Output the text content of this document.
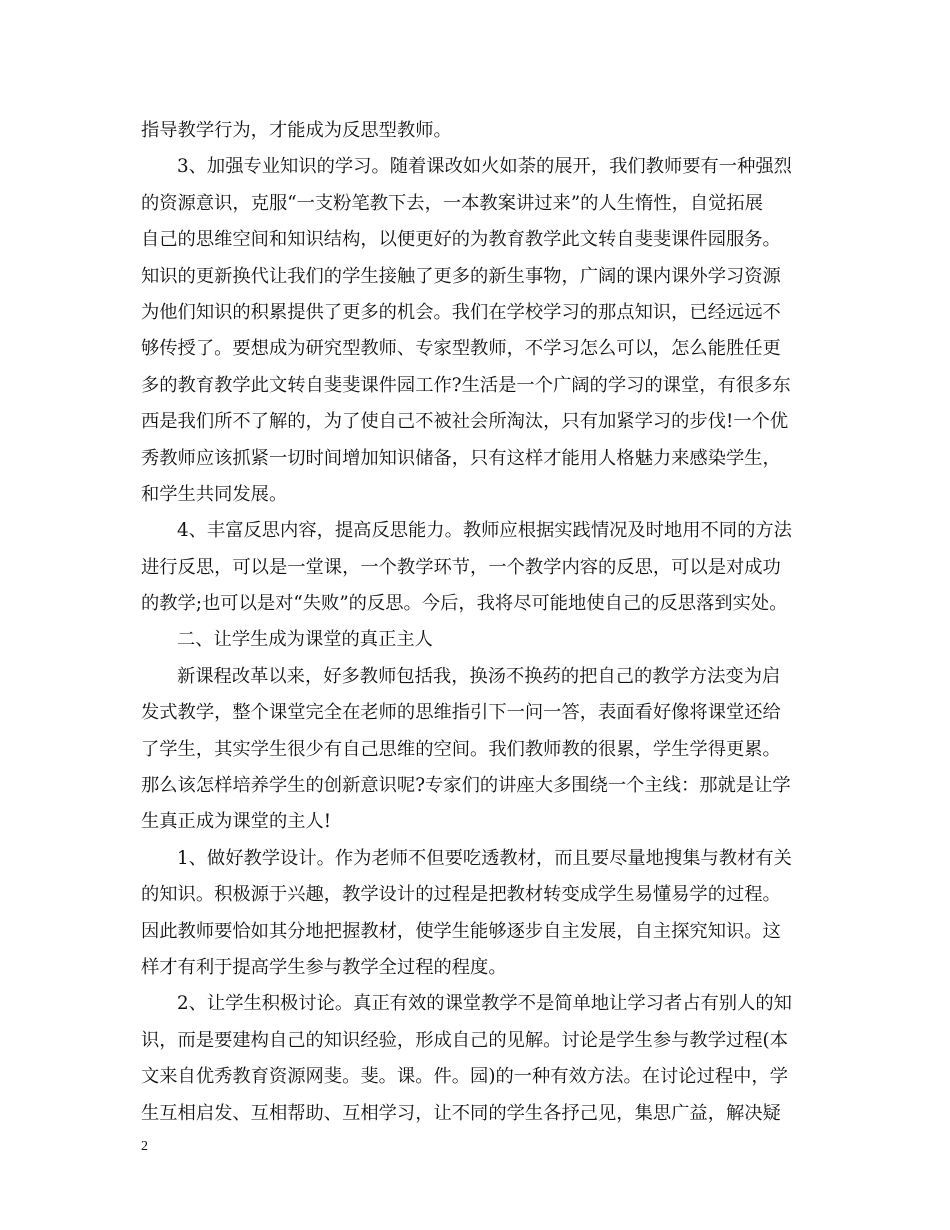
指导教学行为，才能成为反思型教师。
3、加强专业知识的学习。随着课改如火如荼的展开，我们教师要有一种强烈
的资源意识，克服“一支粉笔教下去，一本教案讲过来”的人生惰性，自觉拓展
自己的思维空间和知识结构，以便更好的为教育教学此文转自斐斐课件园服务。
知识的更新换代让我们的学生接触了更多的新生事物，广阔的课内课外学习资源
为他们知识的积累提供了更多的机会。我们在学校学习的那点知识，已经远远不
够传授了。要想成为研究型教师、专家型教师，不学习怎么可以，怎么能胜任更
多的教育教学此文转自斐斐课件园工作?生活是一个广阔的学习的课堂，有很多东
西是我们所不了解的，为了使自己不被社会所淘汰，只有加紧学习的步伐!一个优
秀教师应该抓紧一切时间增加知识储备，只有这样才能用人格魅力来感染学生，
和学生共同发展。
4、丰富反思内容，提高反思能力。教师应根据实践情况及时地用不同的方法
进行反思，可以是一堂课，一个教学环节，一个教学内容的反思，可以是对成功
的教学;也可以是对“失败”的反思。今后，我将尽可能地使自己的反思落到实处。
二、让学生成为课堂的真正主人
新课程改革以来，好多教师包括我，换汤不换药的把自己的教学方法变为启
发式教学，整个课堂完全在老师的思维指引下一问一答，表面看好像将课堂还给
了学生，其实学生很少有自己思维的空间。我们教师教的很累，学生学得更累。
那么该怎样培养学生的创新意识呢?专家们的讲座大多围绕一个主线：那就是让学
生真正成为课堂的主人!
1、做好教学设计。作为老师不但要吃透教材，而且要尽量地搜集与教材有关
的知识。积极源于兴趣，教学设计的过程是把教材转变成学生易懂易学的过程。
因此教师要恰如其分地把握教材，使学生能够逐步自主发展，自主探究知识。这
样才有利于提高学生参与教学全过程的程度。
2、让学生积极讨论。真正有效的课堂教学不是简单地让学习者占有别人的知
识，而是要建构自己的知识经验，形成自己的见解。讨论是学生参与教学过程(本
文来自优秀教育资源网斐。斐。课。件。园)的一种有效方法。在讨论过程中，学
生互相启发、互相帮助、互相学习，让不同的学生各抒己见，集思广益，解决疑
2
